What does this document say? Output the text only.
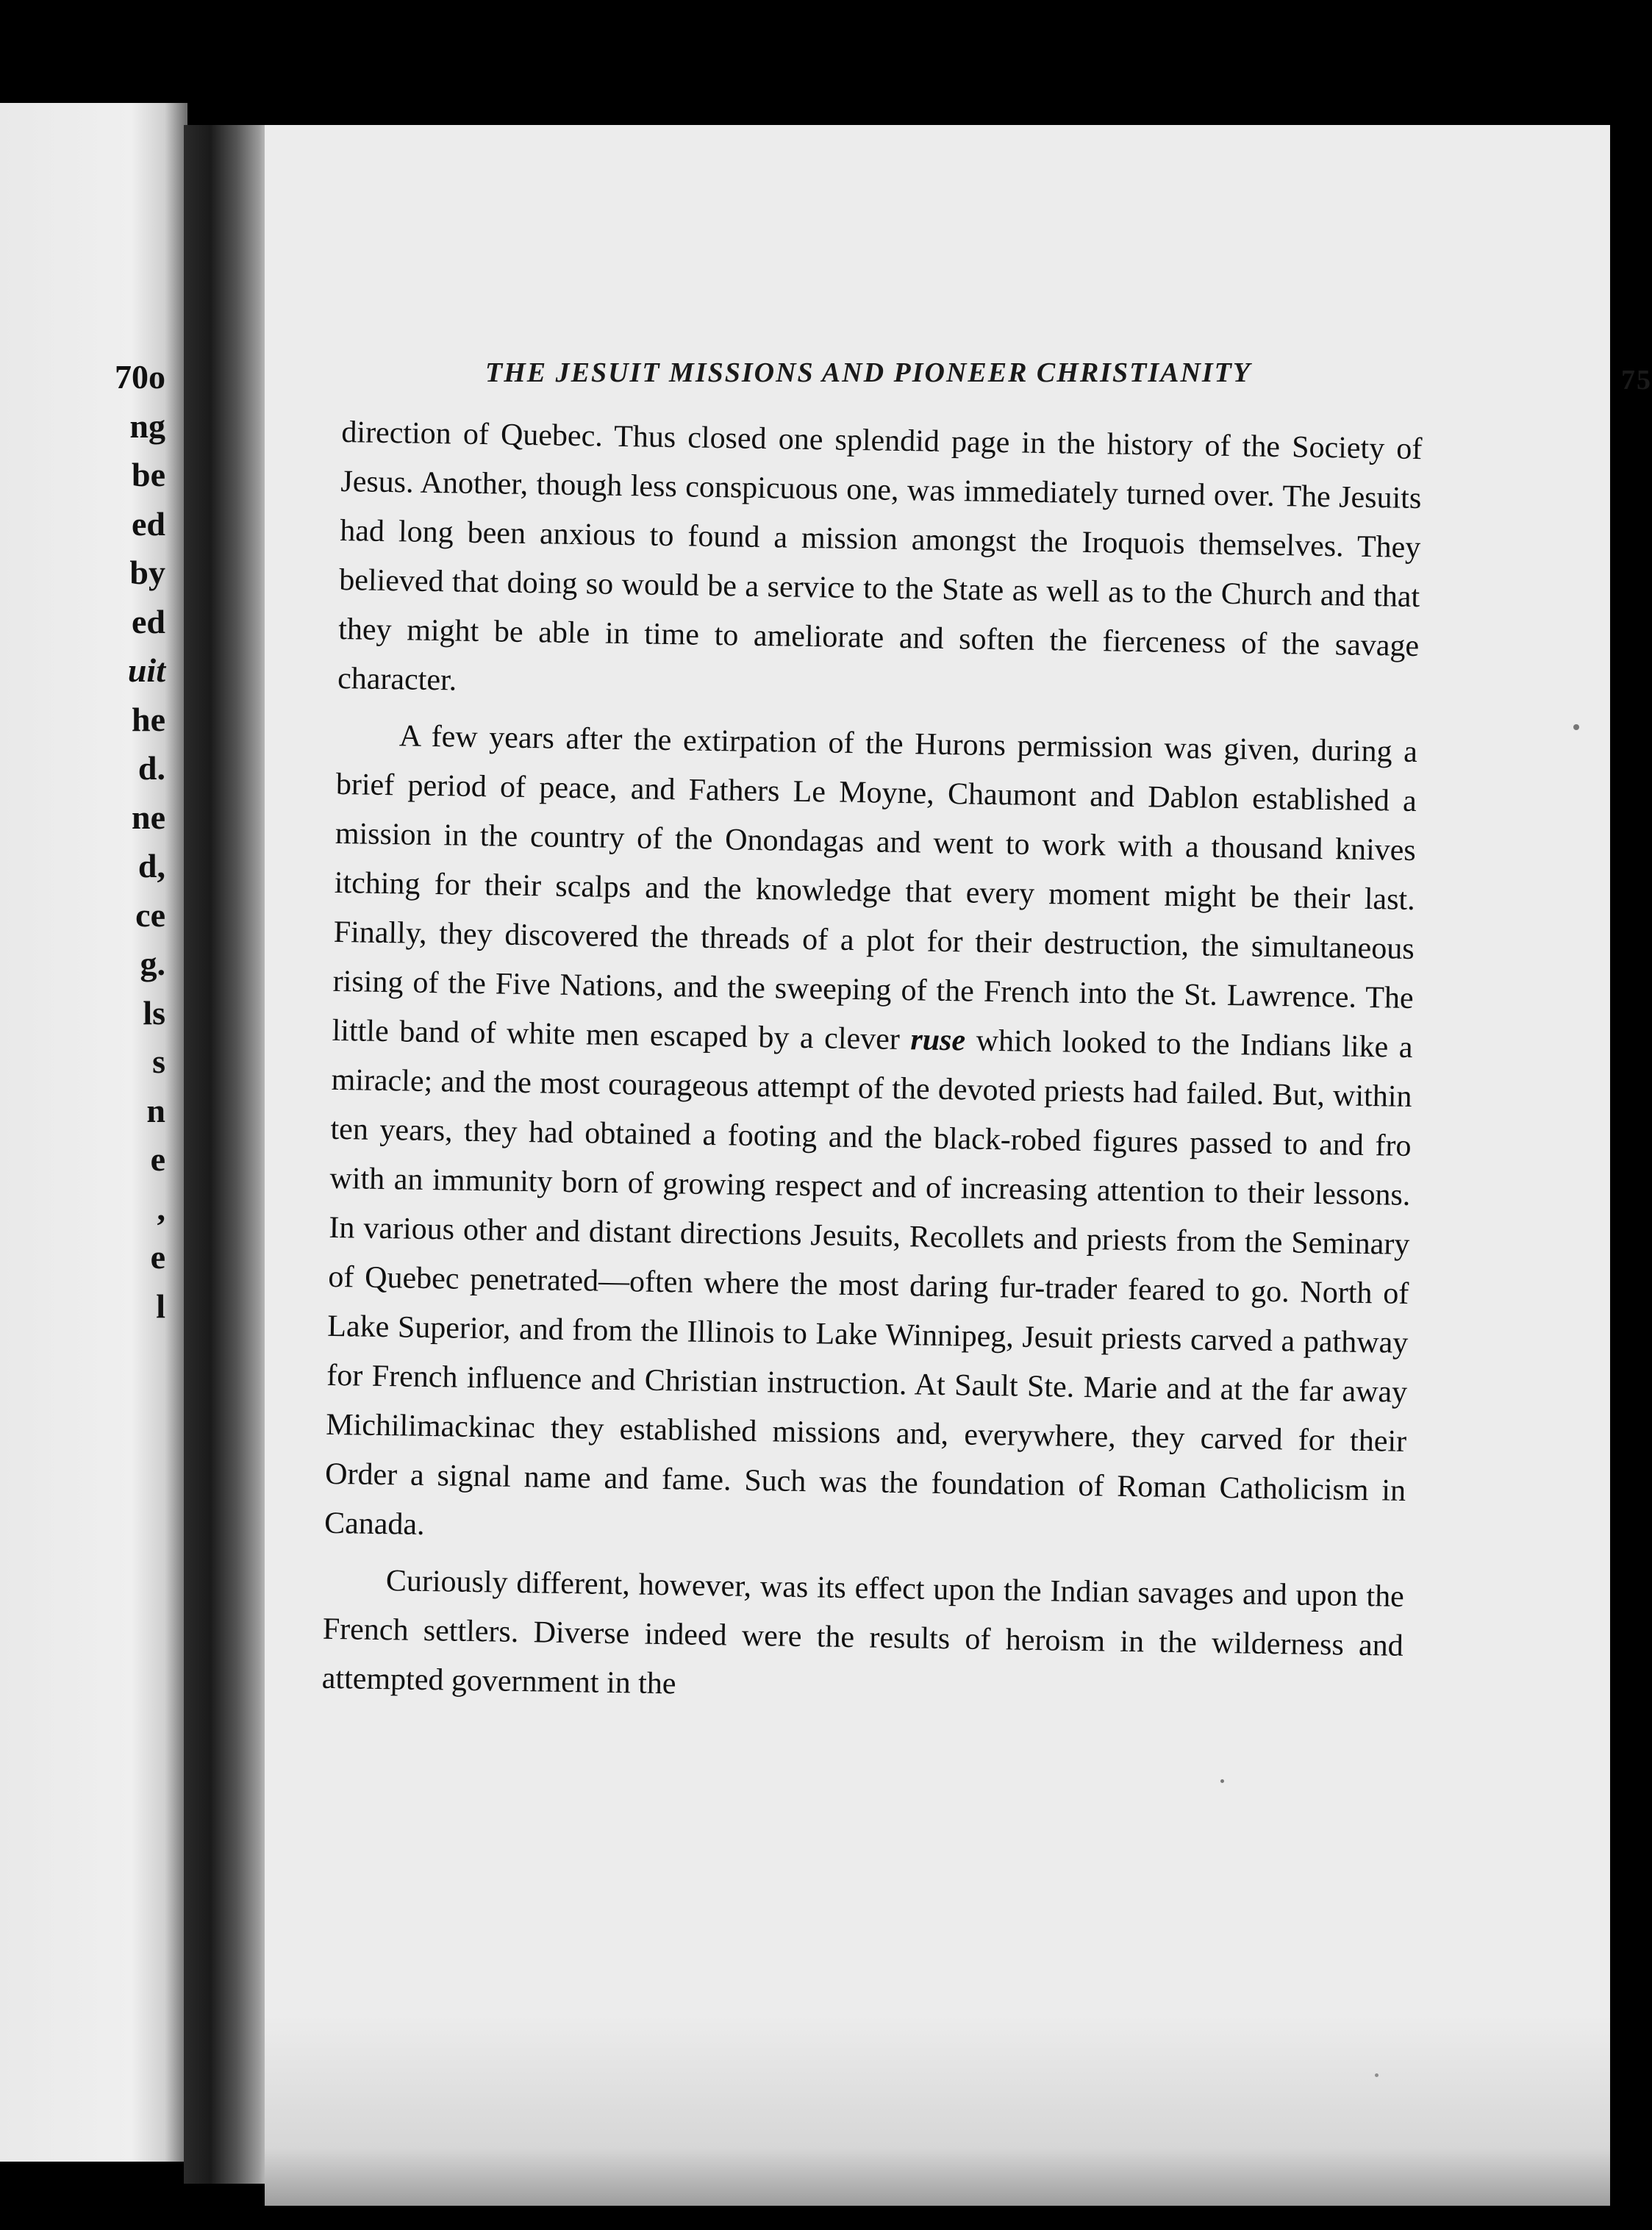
70o
ng
be
ed
by
ed
uit
he
d.
ne
d,
ce
g.
ls
s
n
e
,
e
l
THE JESUIT MISSIONS AND PIONEER CHRISTIANITY	75

direction of Quebec. Thus closed one splendid page in the history of the Society of Jesus. Another, though less conspicuous one, was immediately turned over. The Jesuits had long been anxious to found a mission amongst the Iroquois themselves. They believed that doing so would be a service to the State as well as to the Church and that they might be able in time to ameliorate and soften the fierceness of the savage character.

A few years after the extirpation of the Hurons permission was given, during a brief period of peace, and Fathers Le Moyne, Chaumont and Dablon established a mission in the country of the Onondagas and went to work with a thousand knives itching for their scalps and the knowledge that every moment might be their last. Finally, they discovered the threads of a plot for their destruction, the simultaneous rising of the Five Nations, and the sweeping of the French into the St. Lawrence. The little band of white men escaped by a clever ruse which looked to the Indians like a miracle; and the most courageous attempt of the devoted priests had failed. But, within ten years, they had obtained a footing and the black-robed figures passed to and fro with an immunity born of growing respect and of increasing attention to their lessons. In various other and distant directions Jesuits, Recollets and priests from the Seminary of Quebec penetrated—often where the most daring fur-trader feared to go. North of Lake Superior, and from the Illinois to Lake Winnipeg, Jesuit priests carved a pathway for French influence and Christian instruction. At Sault Ste. Marie and at the far away Michilimackinac they established missions and, everywhere, they carved for their Order a signal name and fame. Such was the foundation of Roman Catholicism in Canada.

Curiously different, however, was its effect upon the Indian savages and upon the French settlers. Diverse indeed were the results of heroism in the wilderness and attempted government in the
